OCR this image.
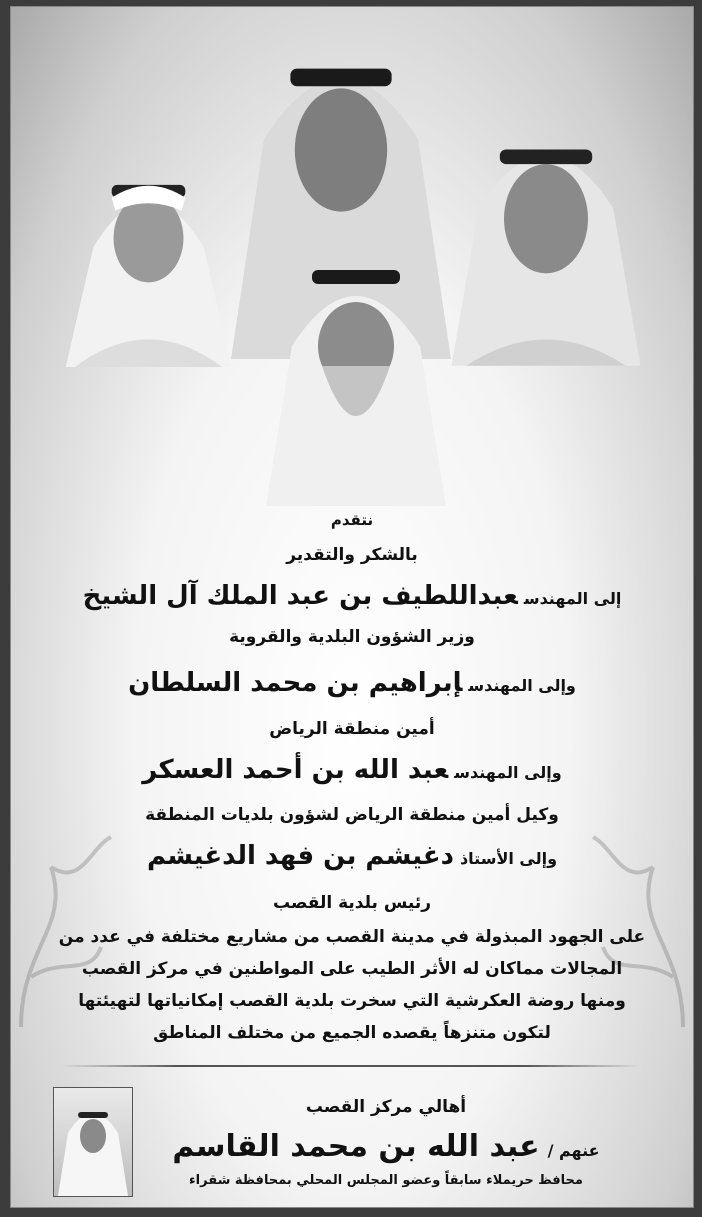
نتقدم
بالشكر والتقدير
إلى المهندسعبداللطيف بن عبد الملك آل الشيخ
وزير الشؤون البلدية والقروية
وإلى المهندسإبراهيم بن محمد السلطان
أمين منطقة الرياض
وإلى المهندسعبد الله بن أحمد العسكر
وكيل أمين منطقة الرياض لشؤون بلديات المنطقة
وإلى الأستاذدغيشم بن فهد الدغيشم
رئيس بلدية القصب
على الجهود المبذولة في مدينة القصب من مشاريع مختلفة في عدد من
المجالات مماكان له الأثر الطيب على المواطنين في مركز القصب
ومنها روضة العكرشية التي سخرت بلدية القصب إمكانياتها لتهيئتها
لتكون متنزهاً يقصده الجميع من مختلف المناطق
أهالي مركز القصب
عنهم /عبد الله بن محمد القاسم
محافظ حريملاء سابقاً وعضو المجلس المحلي بمحافظة شقراء
